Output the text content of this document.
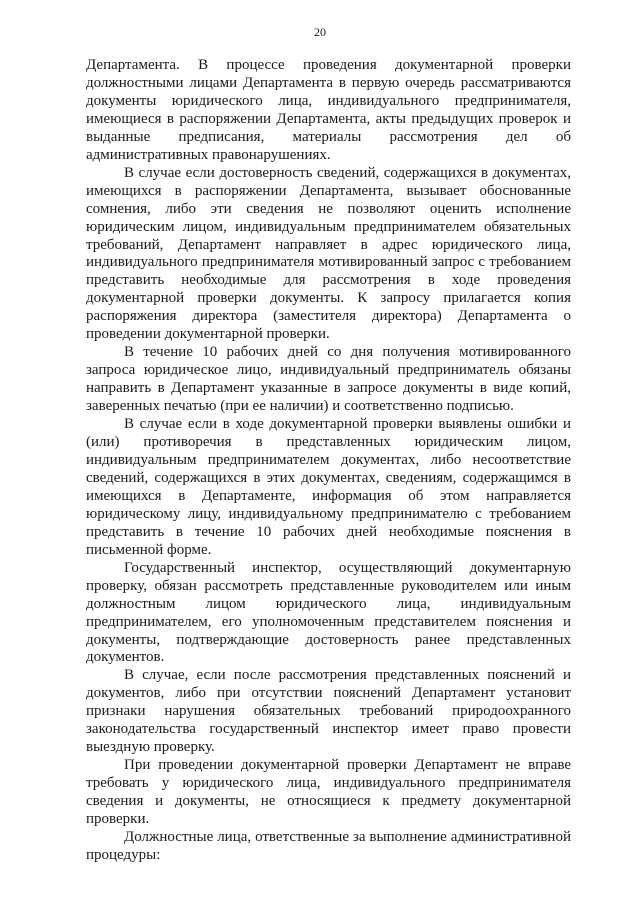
20

Департамента. В процессе проведения документарной проверки должностными лицами Департамента в первую очередь рассматриваются документы юридического лица, индивидуального предпринимателя, имеющиеся в распоряжении Департамента, акты предыдущих проверок и выданные предписания, материалы рассмотрения дел об административных правонарушениях.

В случае если достоверность сведений, содержащихся в документах, имеющихся в распоряжении Департамента, вызывает обоснованные сомнения, либо эти сведения не позволяют оценить исполнение юридическим лицом, индивидуальным предпринимателем обязательных требований, Департамент направляет в адрес юридического лица, индивидуального предпринимателя мотивированный запрос с требованием представить необходимые для рассмотрения в ходе проведения документарной проверки документы. К запросу прилагается копия распоряжения директора (заместителя директора) Департамента о проведении документарной проверки.

В течение 10 рабочих дней со дня получения мотивированного запроса юридическое лицо, индивидуальный предприниматель обязаны направить в Департамент указанные в запросе документы в виде копий, заверенных печатью (при ее наличии) и соответственно подписью.

В случае если в ходе документарной проверки выявлены ошибки и (или) противоречия в представленных юридическим лицом, индивидуальным предпринимателем документах, либо несоответствие сведений, содержащихся в этих документах, сведениям, содержащимся в имеющихся в Департаменте, информация об этом направляется юридическому лицу, индивидуальному предпринимателю с требованием представить в течение 10 рабочих дней необходимые пояснения в письменной форме.

Государственный инспектор, осуществляющий документарную проверку, обязан рассмотреть представленные руководителем или иным должностным лицом юридического лица, индивидуальным предпринимателем, его уполномоченным представителем пояснения и документы, подтверждающие достоверность ранее представленных документов.

В случае, если после рассмотрения представленных пояснений и документов, либо при отсутствии пояснений Департамент установит признаки нарушения обязательных требований природоохранного законодательства государственный инспектор имеет право провести выездную проверку.

При проведении документарной проверки Департамент не вправе требовать у юридического лица, индивидуального предпринимателя сведения и документы, не относящиеся к предмету документарной проверки.

Должностные лица, ответственные за выполнение административной процедуры:
